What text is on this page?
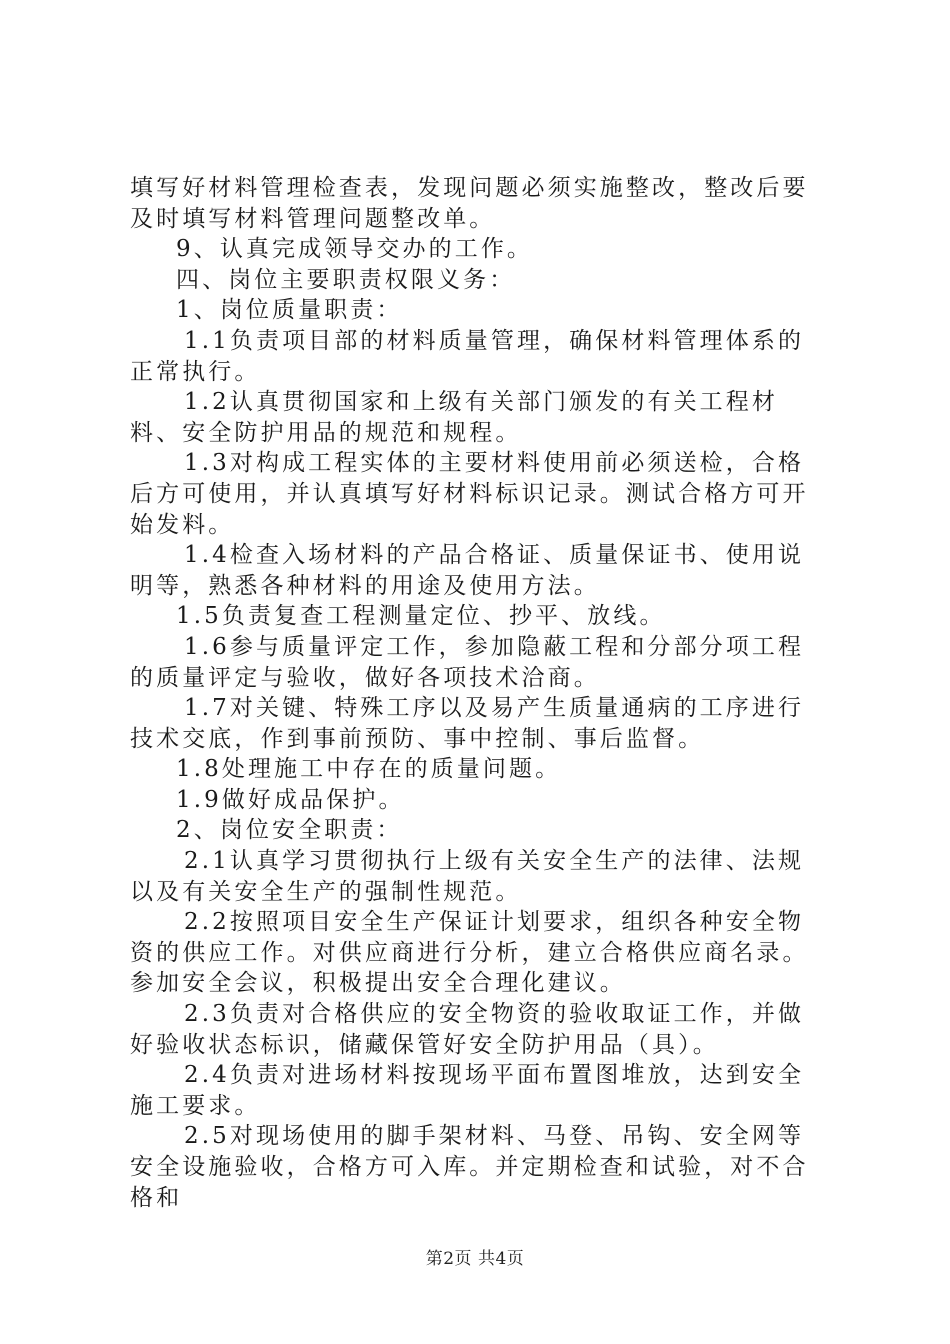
填写好材料管理检查表，发现问题必须实施整改，整改后要及时填写材料管理问题整改单。

9、认真完成领导交办的工作。

四、岗位主要职责权限义务：

1、岗位质量职责：

1.1负责项目部的材料质量管理，确保材料管理体系的正常执行。

1.2认真贯彻国家和上级有关部门颁发的有关工程材料、安全防护用品的规范和规程。

1.3对构成工程实体的主要材料使用前必须送检，合格后方可使用，并认真填写好材料标识记录。测试合格方可开始发料。

1.4检查入场材料的产品合格证、质量保证书、使用说明等，熟悉各种材料的用途及使用方法。

1.5负责复查工程测量定位、抄平、放线。

1.6参与质量评定工作，参加隐蔽工程和分部分项工程的质量评定与验收，做好各项技术洽商。

1.7对关键、特殊工序以及易产生质量通病的工序进行技术交底，作到事前预防、事中控制、事后监督。

1.8处理施工中存在的质量问题。

1.9做好成品保护。

2、岗位安全职责：

2.1认真学习贯彻执行上级有关安全生产的法律、法规以及有关安全生产的强制性规范。

2.2按照项目安全生产保证计划要求，组织各种安全物资的供应工作。对供应商进行分析，建立合格供应商名录。参加安全会议，积极提出安全合理化建议。

2.3负责对合格供应的安全物资的验收取证工作，并做好验收状态标识，储藏保管好安全防护用品（具）。

2.4负责对进场材料按现场平面布置图堆放，达到安全施工要求。

2.5对现场使用的脚手架材料、马登、吊钩、安全网等安全设施验收，合格方可入库。并定期检查和试验，对不合格和

第2页 共4页
